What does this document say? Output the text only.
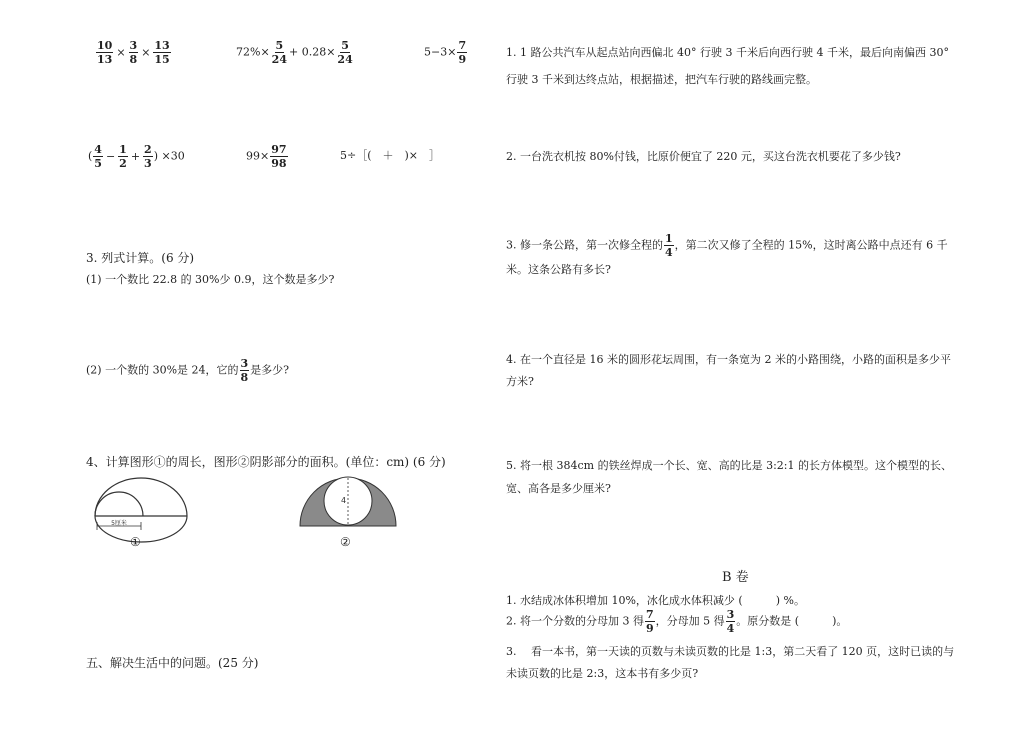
$\frac{10}{13} \times \frac{3}{8} \times \frac{13}{15}$	$72\%\times \frac{5}{24} + 0.28\times \frac{5}{24}$	$5-3\times \frac{7}{9}$
( $\frac{4}{5} - \frac{1}{2} + \frac{2}{3}$ ) ×30	$99\times \frac{97}{98}$	5÷［(　＋　)×　］
3. 列式计算。(6 分)
(1) 一个数比 22.8 的 30%少 0.9，这个数是多少?
(2) 一个数的 30%是 24，它的 $\frac{3}{8}$ 是多少?
4、计算图形①的周长，图形②阴影部分的面积。(单位：cm) (6 分)
5厘米
①
4
②
五、解决生活中的问题。(25 分)
1. 1 路公共汽车从起点站向西偏北 40° 行驶 3 千米后向西行驶 4 千米，最后向南偏西 30°
行驶 3 千米到达终点站，根据描述，把汽车行驶的路线画完整。
2. 一台洗衣机按 80%付钱，比原价便宜了 220 元，买这台洗衣机要花了多少钱?
3. 修一条公路，第一次修全程的 $\frac{1}{4}$ ，第二次又修了全程的 15%，这时离公路中点还有 6 千
米。这条公路有多长?
4. 在一个直径是 16 米的圆形花坛周围，有一条宽为 2 米的小路围绕，小路的面积是多少平
方米?
5. 将一根 384cm 的铁丝焊成一个长、宽、高的比是 3:2:1 的长方体模型。这个模型的长、
宽、高各是多少厘米?
B 卷
1. 水结成冰体积增加 10%，冰化成水体积减少 (　　　) %。
2. 将一个分数的分母加 3 得 $\frac{7}{9}$ ，分母加 5 得 $\frac{3}{4}$ 。原分数是 (　　　)。
3.　 看一本书，第一天读的页数与未读页数的比是 1:3，第二天看了 120 页，这时已读的与
未读页数的比是 2:3，这本书有多少页?
